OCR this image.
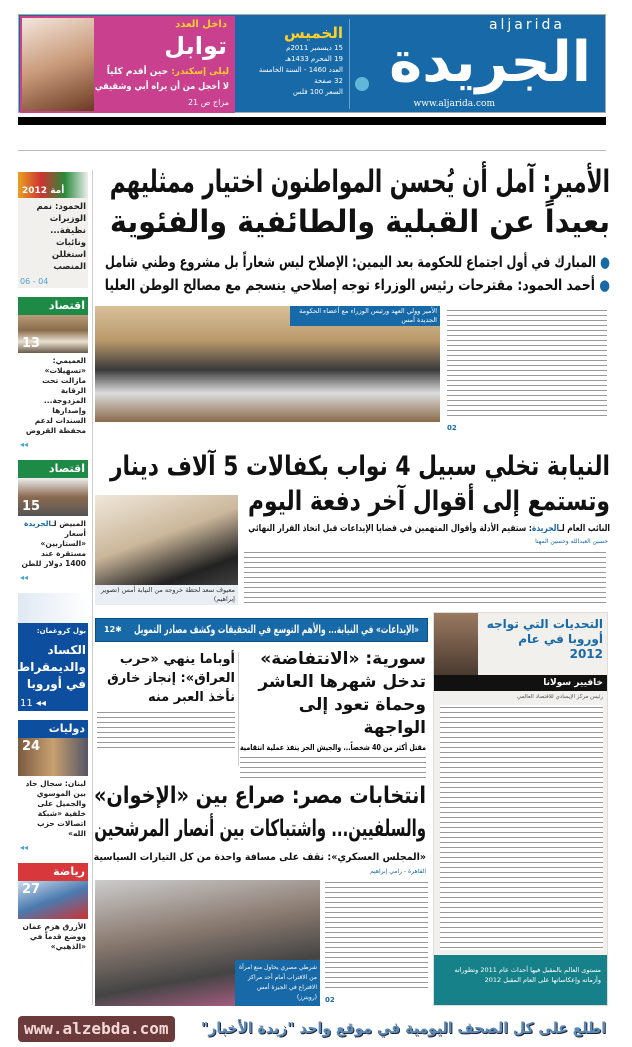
الجريدة
aljarida
www.aljarida.com
الخميس
15 ديسمبر 2011م
19 المحرم 1433هـ
العدد 1460 - السنة الخامسة
32 صفحة
السعر 100 فلس
داخل العدد
توابل
ليلى إسكندر: حين أقدم كلياً
لا أخجل من أن يراه أبي وشقيقي
مزاج ص 21
أمة 2012
الحمود: نمم الوزيرات نظيفة... ونائبات استغللن المنصب
04 - 06
اقتصاد
13
العميمي: «تسهيلات» مازالت تحت الرقابة المزدوجة... وإصدارها السندات لدعم محفظة القروض
◂◂
اقتصاد
15
المبيض لـالجريدة
أسعار «الستاربين» مستقرة عند 1400 دولار للطن
◂◂
بول كروغمان:
الكساد والديمقراطية في أوروبا
◂◂ 11
دوليات
24
لبنان: سجال حاد بين الموسوي والجميل على خلفية «شبكة اتصالات حزب الله»
◂◂
رياضة
27
الأزرق هزم عمان ووضع قدماً في «الذهبي»
الأمير: آمل أن يُحسن المواطنون اختيار ممثليهم
بعيداً عن القبلية والطائفية والفئوية
● المبارك في أول اجتماع للحكومة بعد اليمين: الإصلاح ليس شعاراً بل مشروع وطني شامل
● أحمد الحمود: مقترحات رئيس الوزراء توجه إصلاحي ينسجم مع مصالح الوطن العليا
الأمير وولي العهد ورئيس الوزراء مع أعضاء الحكومة الجديدة أمس
02
النيابة تخلي سبيل 4 نواب بكفالات 5 آلاف دينار
وتستمع إلى أقوال آخر دفعة اليوم
النائب العام لـالجريدة: ستقيم الأدلة وأقوال المتهمين في قضايا الإيداعات قبل اتخاذ القرار النهائي
حسين العبدالله وحسين المهنا
معيوف سعد لحظة خروجه من النيابة أمس (تصوير إبراهيم)
«الإيداعات» في النيابة... والأهم التوسع في التحقيقات وكشف مصادر التمويل
✱12	التحديات التي تواجه أوروبا في عام 2012
خافيير سولانا
رئيس مركز الإيسادي للاقتصاد العالمي
مستوى العالم بالمقبل فيها أحداث عام 2011 وتطوراته وأزماته وإعكاساتها على العام المقبل 2012
سورية: «الانتفاضة» تدخل شهرها العاشر وحماة تعود إلى الواجهة
مقتل أكثر من 40 شخصاً... والجيش الحر ينفذ عملية انتقامية
أوباما ينهي «حرب العراق»: إنجاز خارق نأخذ العبر منه
انتخابات مصر: صراع بين «الإخوان»
والسلفيين... واشتباكات بين أنصار المرشحين
«المجلس العسكري»: نقف على مسافة واحدة من كل التيارات السياسية
القاهرة - رامي إبراهيم
شرطي مصري يحاول منع امرأة من الاقتراب أمام أحد مراكز الاقتراع في الجيزة أمس (رويترز)	02
اطلع على كل الصحف اليومية في موقع واحد "زبدة الأخبار"
www.alzebda.com
